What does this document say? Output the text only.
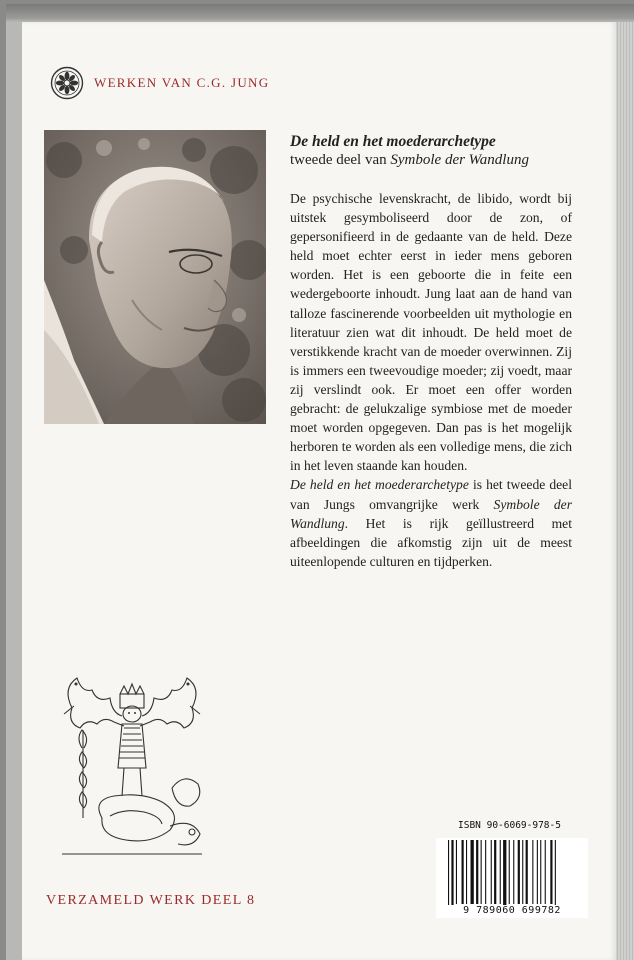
WERKEN VAN C.G. JUNG
De held en het moederarchetype
tweede deel van Symbole der Wandlung

De psychische levenskracht, de libido, wordt bij uitstek gesymboliseerd door de zon, of gepersonifieerd in de gedaante van de held. Deze held moet echter eerst in ieder mens geboren worden. Het is een geboorte die in feite een wedergeboorte inhoudt. Jung laat aan de hand van talloze fascinerende voorbeelden uit mythologie en literatuur zien wat dit inhoudt. De held moet de verstikkende kracht van de moeder overwinnen. Zij is immers een tweevoudige moeder; zij voedt, maar zij verslindt ook. Er moet een offer worden gebracht: de gelukzalige symbiose met de moeder moet worden opgegeven. Dan pas is het mogelijk herboren te worden als een volledige mens, die zich in het leven staande kan houden.

De held en het moederarchetype is het tweede deel van Jungs omvangrijke werk Symbole der Wandlung. Het is rijk geïllustreerd met afbeeldingen die afkomstig zijn uit de meest uiteenlopende culturen en tijdperken.

ISBN 90-6069-978-5
9 789060 699782
VERZAMELD WERK DEEL 8
